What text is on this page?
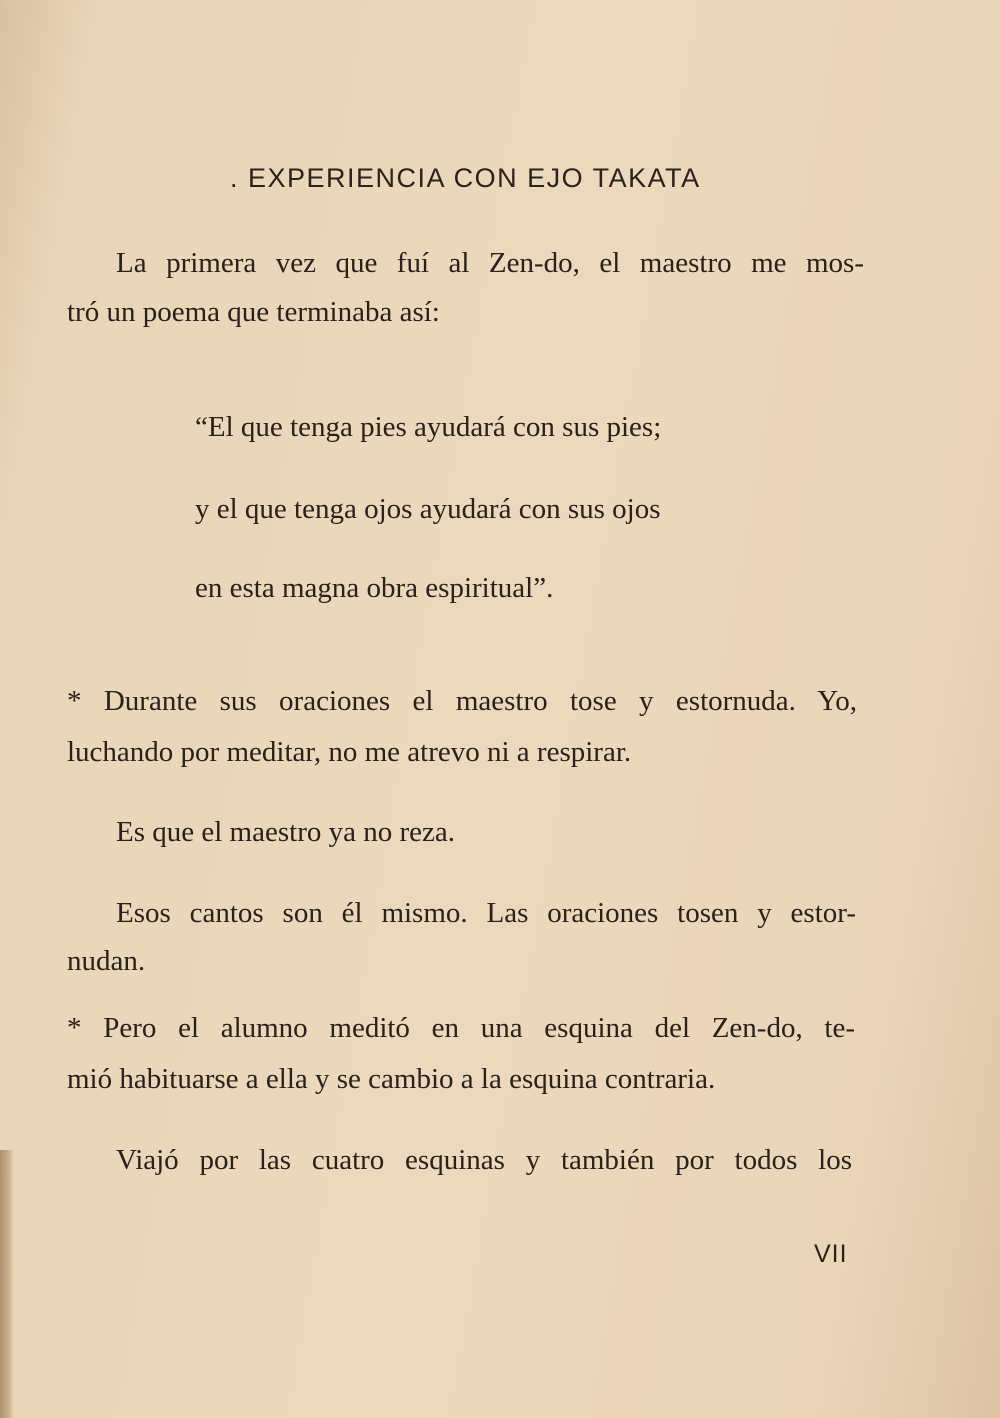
. EXPERIENCIA CON EJO TAKATA
La primera vez que fuí al Zen-do, el maestro me mos-
tró un poema que terminaba así:
“El que tenga pies ayudará con sus pies;
y el que tenga ojos ayudará con sus ojos
en esta magna obra espiritual”.
* Durante sus oraciones el maestro tose y estornuda. Yo,
luchando por meditar, no me atrevo ni a respirar.
Es que el maestro ya no reza.
Esos cantos son él mismo. Las oraciones tosen y estor-
nudan.
* Pero el alumno meditó en una esquina del Zen-do, te-
mió habituarse a ella y se cambio a la esquina contraria.
Viajó por las cuatro esquinas y también por todos los
VII
